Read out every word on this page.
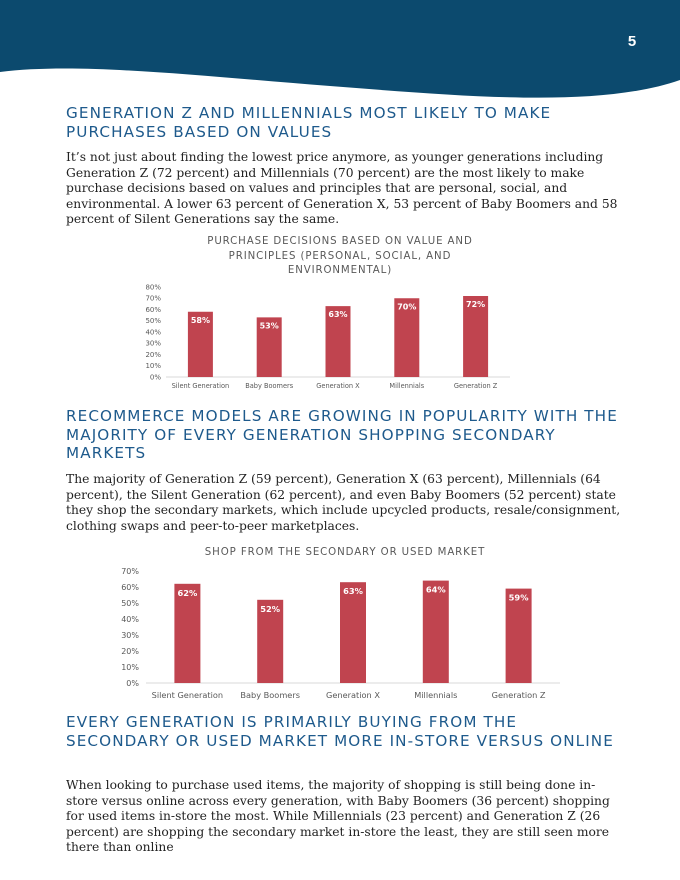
5
GENERATION Z AND MILLENNIALS MOST LIKELY TO MAKE PURCHASES BASED ON VALUES

It’s not just about finding the lowest price anymore, as younger generations including Generation Z (72 percent) and Millennials (70 percent) are the most likely to make purchase decisions based on values and principles that are personal, social, and environmental. A lower 63 percent of Generation X, 53 percent of Baby Boomers and 58 percent of Silent Generations say the same.

PURCHASE DECISIONS BASED ON VALUE AND PRINCIPLES (PERSONAL, SOCIAL, AND ENVIRONMENTAL)
0%
10%
20%
30%
40%
50%
60%
70%
80%
58%
Silent Generation
53%
Baby Boomers
63%
Generation X
70%
Millennials
72%
Generation Z
RECOMMERCE MODELS ARE GROWING IN POPULARITY WITH THE MAJORITY OF EVERY GENERATION SHOPPING SECONDARY MARKETS

The majority of Generation Z (59 percent), Generation X (63 percent), Millennials (64 percent), the Silent Generation (62 percent), and even Baby Boomers (52 percent) state they shop the secondary markets, which include upcycled products, resale/consignment, clothing swaps and peer-to-peer marketplaces.

SHOP FROM THE SECONDARY OR USED MARKET
0%
10%
20%
30%
40%
50%
60%
70%
62%
Silent Generation
52%
Baby Boomers
63%
Generation X
64%
Millennials
59%
Generation Z
EVERY GENERATION IS PRIMARILY BUYING FROM THE SECONDARY OR USED MARKET MORE IN-STORE VERSUS ONLINE

When looking to purchase used items, the majority of shopping is still being done in-store versus online across every generation, with Baby Boomers (36 percent) shopping for used items in-store the most. While Millennials (23 percent) and Generation Z (26 percent) are shopping the secondary market in-store the least, they are still seen more there than online
